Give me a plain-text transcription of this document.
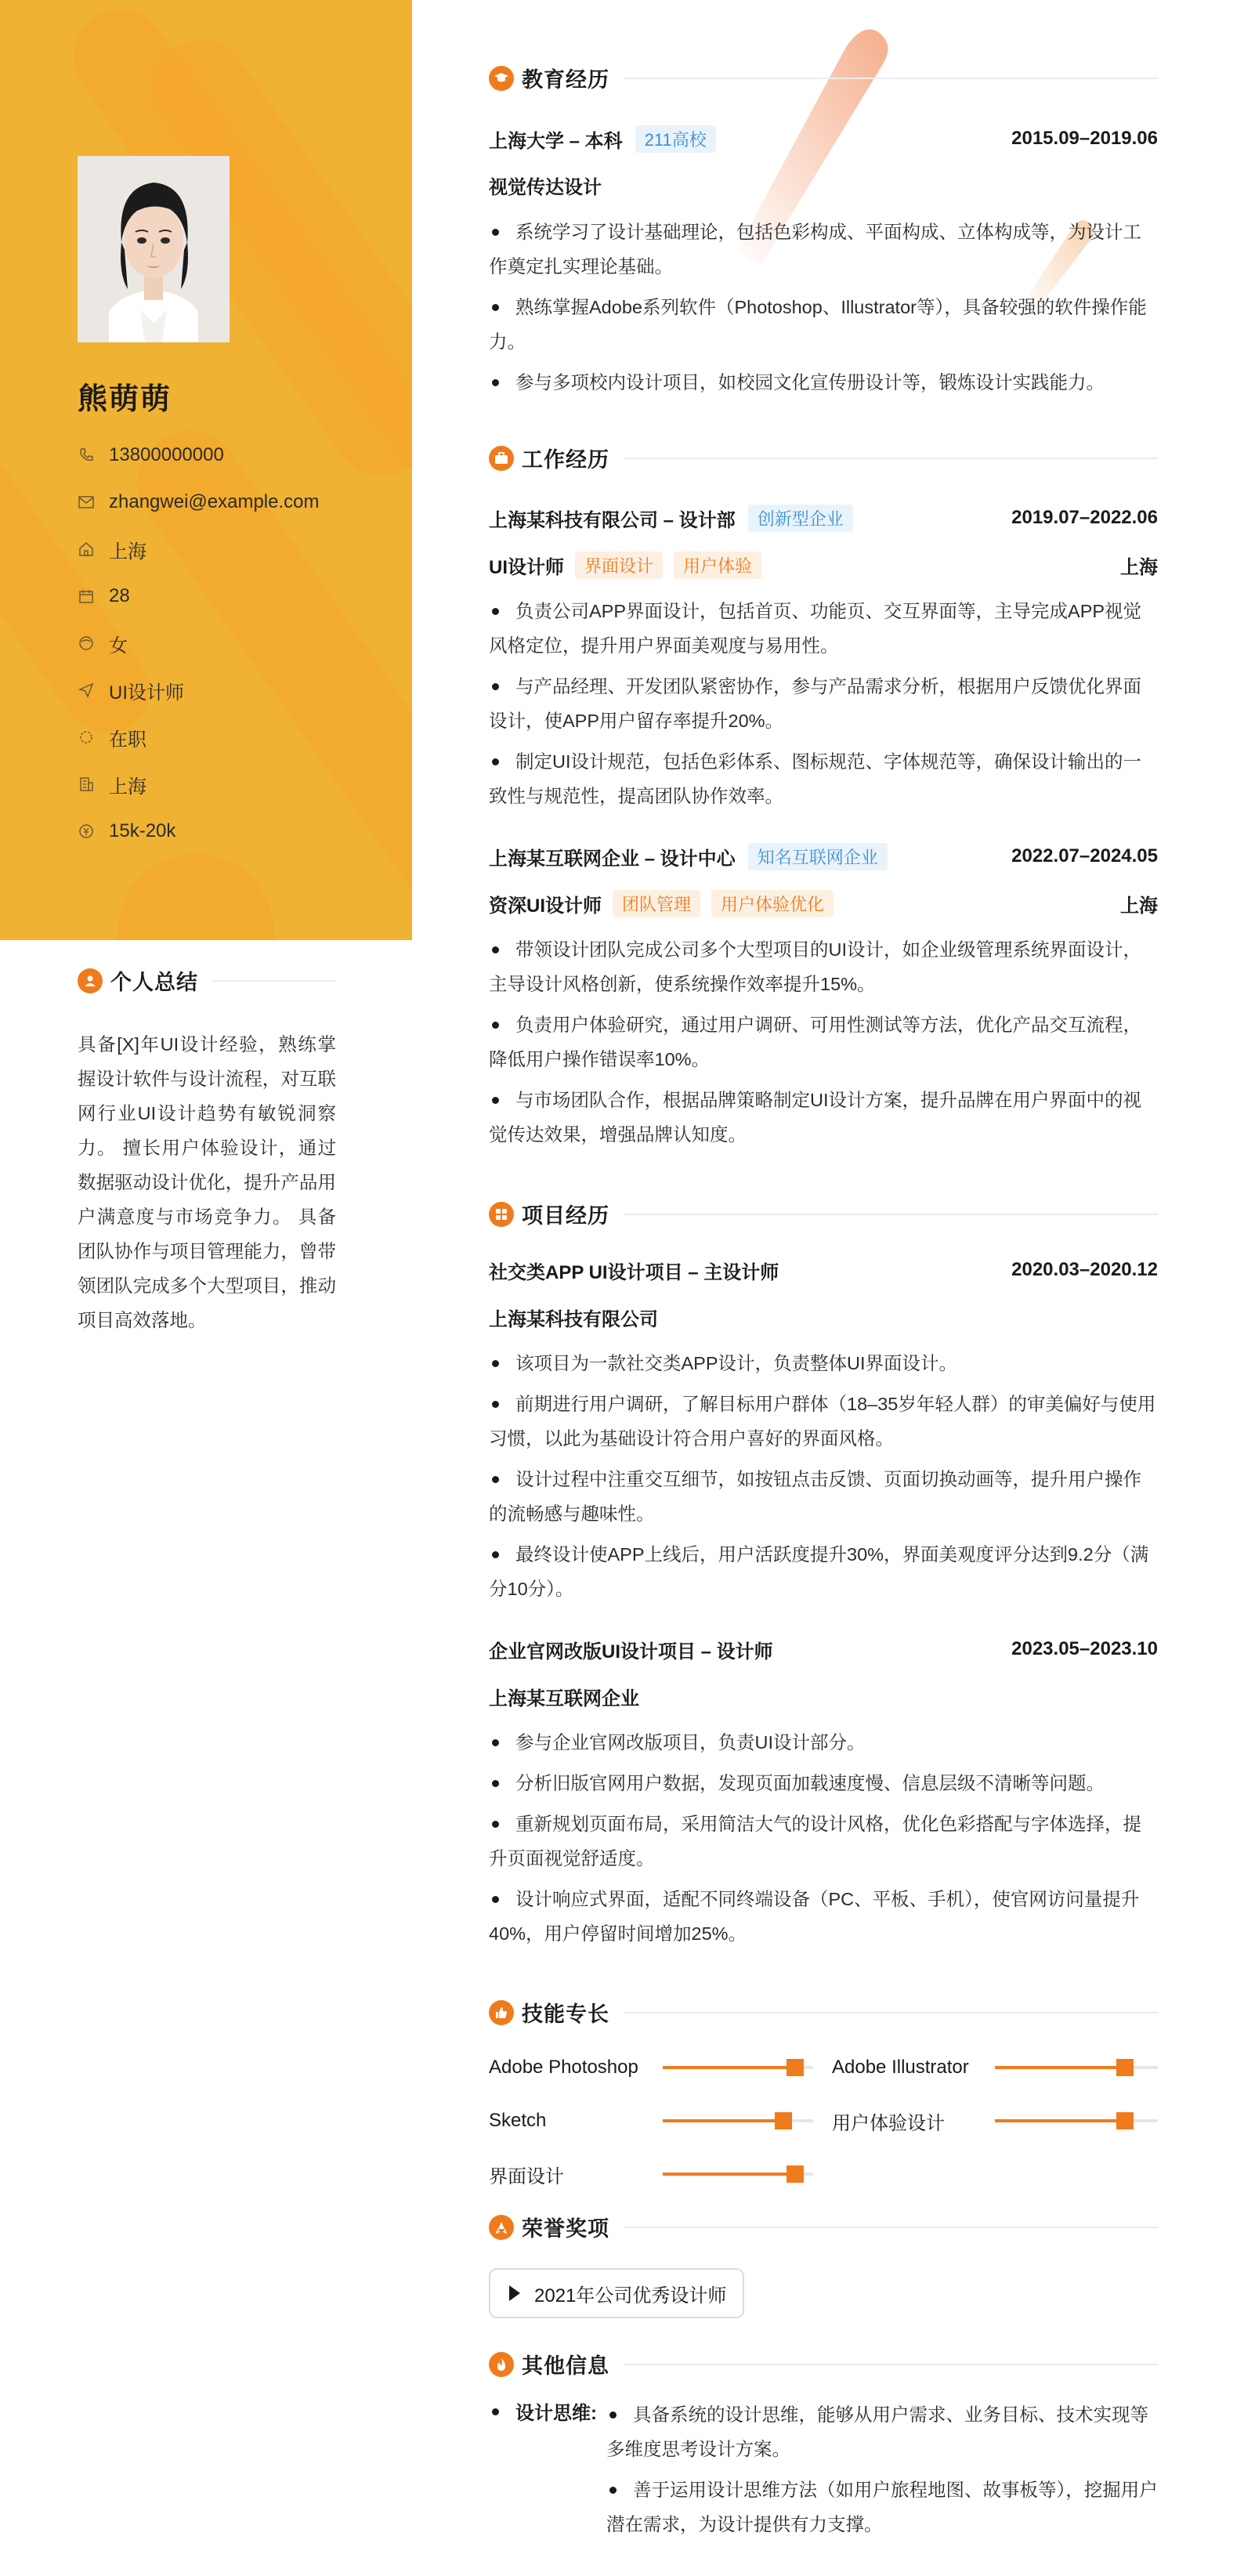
熊萌萌
13800000000
zhangwei@example.com
上海
28
女
UI设计师
在职
上海
15k-20k
个人总结
具备[X]年UI设计经验，熟练掌握设计软件与设计流程，对互联网行业UI设计趋势有敏锐洞察力。 擅长用户体验设计，通过数据驱动设计优化，提升产品用户满意度与市场竞争力。 具备团队协作与项目管理能力，曾带领团队完成多个大型项目，推动项目高效落地。
教育经历
上海大学 – 本科	211高校	2015.09–2019.06
视觉传达设计
系统学习了设计基础理论，包括色彩构成、平面构成、立体构成等，为设计工作奠定扎实理论基础。
熟练掌握Adobe系列软件（Photoshop、Illustrator等），具备较强的软件操作能力。
参与多项校内设计项目，如校园文化宣传册设计等，锻炼设计实践能力。
工作经历
上海某科技有限公司 – 设计部	创新型企业	2019.07–2022.06
UI设计师	界面设计	用户体验	上海
负责公司APP界面设计，包括首页、功能页、交互界面等，主导完成APP视觉风格定位，提升用户界面美观度与易用性。
与产品经理、开发团队紧密协作，参与产品需求分析，根据用户反馈优化界面设计，使APP用户留存率提升20%。
制定UI设计规范，包括色彩体系、图标规范、字体规范等，确保设计输出的一致性与规范性，提高团队协作效率。
上海某互联网企业 – 设计中心	知名互联网企业	2022.07–2024.05
资深UI设计师	团队管理	用户体验优化	上海
带领设计团队完成公司多个大型项目的UI设计，如企业级管理系统界面设计，主导设计风格创新，使系统操作效率提升15%。
负责用户体验研究，通过用户调研、可用性测试等方法，优化产品交互流程，降低用户操作错误率10%。
与市场团队合作，根据品牌策略制定UI设计方案，提升品牌在用户界面中的视觉传达效果，增强品牌认知度。
项目经历
社交类APP UI设计项目 – 主设计师	2020.03–2020.12
上海某科技有限公司
该项目为一款社交类APP设计，负责整体UI界面设计。
前期进行用户调研，了解目标用户群体（18–35岁年轻人群）的审美偏好与使用习惯，以此为基础设计符合用户喜好的界面风格。
设计过程中注重交互细节，如按钮点击反馈、页面切换动画等，提升用户操作的流畅感与趣味性。
最终设计使APP上线后，用户活跃度提升30%，界面美观度评分达到9.2分（满分10分）。
企业官网改版UI设计项目 – 设计师	2023.05–2023.10
上海某互联网企业
参与企业官网改版项目，负责UI设计部分。
分析旧版官网用户数据，发现页面加载速度慢、信息层级不清晰等问题。
重新规划页面布局，采用简洁大气的设计风格，优化色彩搭配与字体选择，提升页面视觉舒适度。
设计响应式界面，适配不同终端设备（PC、平板、手机），使官网访问量提升40%，用户停留时间增加25%。
技能专长
Adobe Photoshop	Adobe Illustrator
Sketch	用户体验设计
界面设计
荣誉奖项
2021年公司优秀设计师
其他信息
设计思维:	具备系统的设计思维，能够从用户需求、业务目标、技术实现等多维度思考设计方案。
善于运用设计思维方法（如用户旅程地图、故事板等），挖掘用户潜在需求，为设计提供有力支撑。
